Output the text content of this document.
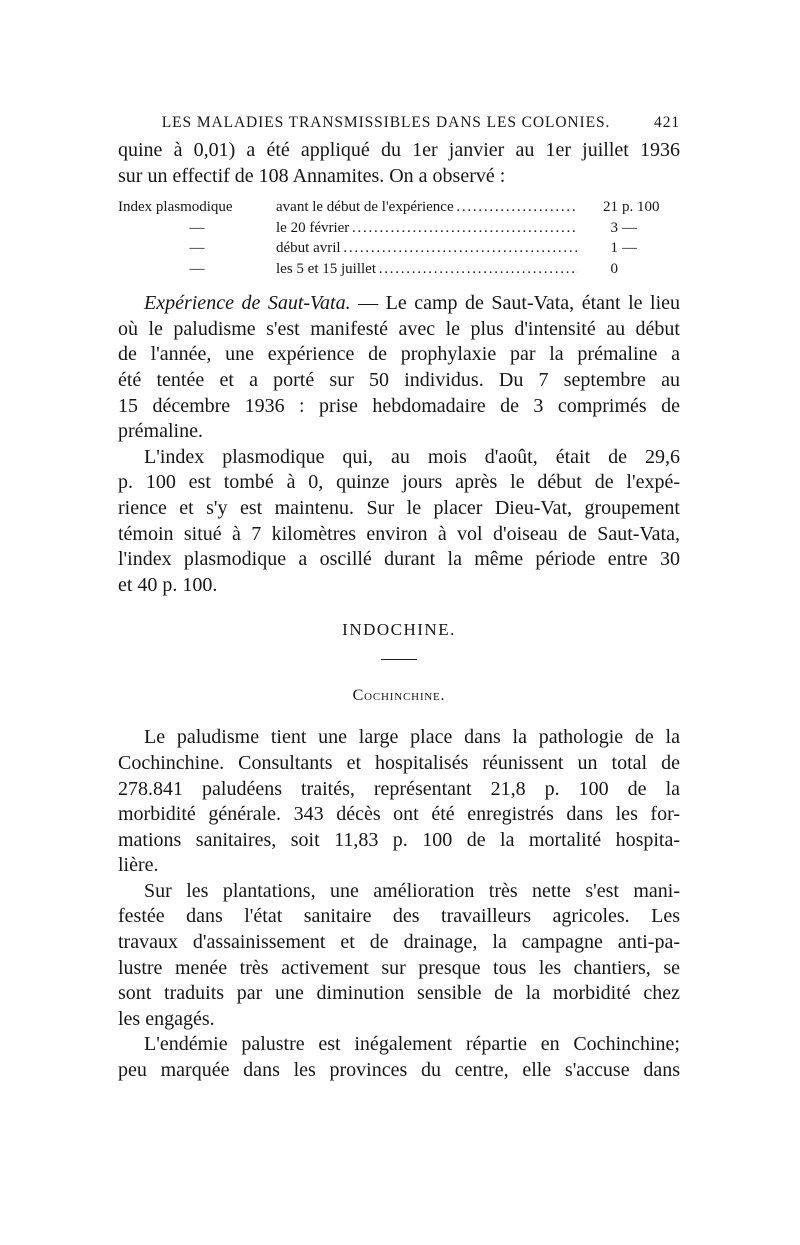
LES MALADIES TRANSMISSIBLES DANS LES COLONIES.	421

quine à 0,01) a été appliqué du 1er janvier au 1er juillet 1936
sur un effectif de 108 Annamites. On a observé :

Index plasmodique	avant le début de l'expérience . . .	21 p. 100
—	le 20 février . . .	3 —
—	début avril . . .	1 —
—	les 5 et 15 juillet . . .	0

Expérience de Saut-Vata. — Le camp de Saut-Vata, étant le lieu
où le paludisme s'est manifesté avec le plus d'intensité au début
de l'année, une expérience de prophylaxie par la prémaline a
été tentée et a porté sur 50 individus. Du 7 septembre au
15 décembre 1936 : prise hebdomadaire de 3 comprimés de
prémaline.

L'index plasmodique qui, au mois d'août, était de 29,6
p. 100 est tombé à 0, quinze jours après le début de l'expé-
rience et s'y est maintenu. Sur le placer Dieu-Vat, groupement
témoin situé à 7 kilomètres environ à vol d'oiseau de Saut-Vata,
l'index plasmodique a oscillé durant la même période entre 30
et 40 p. 100.

INDOCHINE.
Cochinchine.

Le paludisme tient une large place dans la pathologie de la
Cochinchine. Consultants et hospitalisés réunissent un total de
278.841 paludéens traités, représentant 21,8 p. 100 de la
morbidité générale. 343 décès ont été enregistrés dans les for-
mations sanitaires, soit 11,83 p. 100 de la mortalité hospita-
lière.

Sur les plantations, une amélioration très nette s'est mani-
festée dans l'état sanitaire des travailleurs agricoles. Les
travaux d'assainissement et de drainage, la campagne anti-pa-
lustre menée très activement sur presque tous les chantiers, se
sont traduits par une diminution sensible de la morbidité chez
les engagés.

L'endémie palustre est inégalement répartie en Cochinchine;
peu marquée dans les provinces du centre, elle s'accuse dans
